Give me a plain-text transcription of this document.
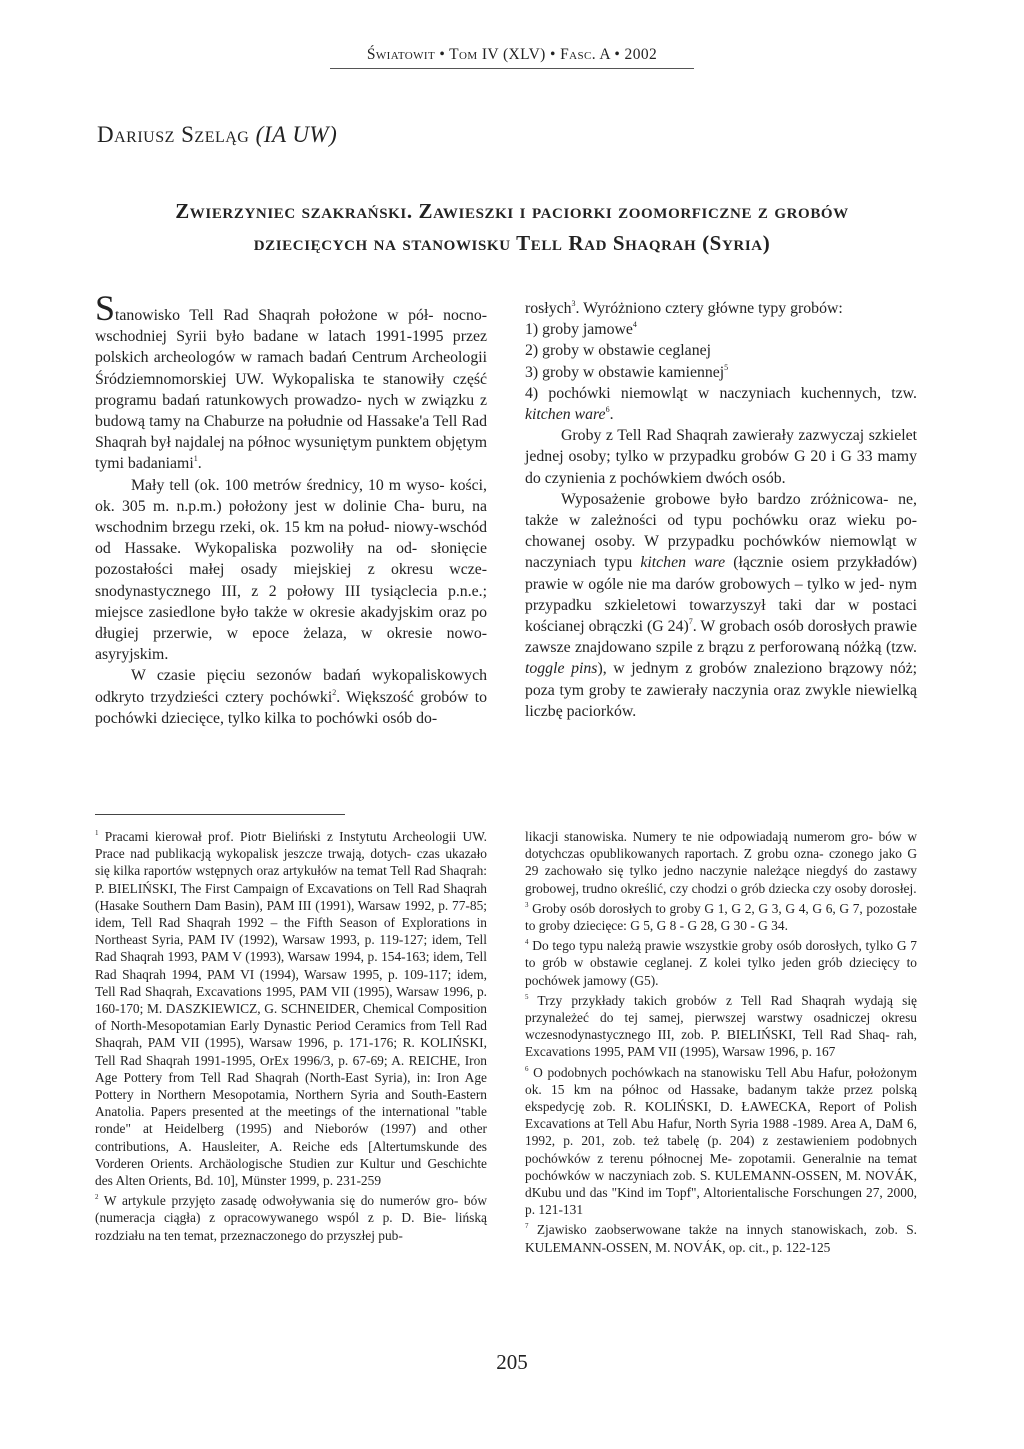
Światowit • Tom IV (XLV) • Fasc. A • 2002
Dariusz Szeląg (IA UW)
Zwierzyniec szakrański. Zawieszki i paciorki zoomorficzne z grobów
dziecięcych na stanowisku Tell Rad Shaqrah (Syria)

Stanowisko Tell Rad Shaqrah położone w pół- nocno-wschodniej Syrii było badane w latach 1991-1995 przez polskich archeologów w ramach badań Centrum Archeologii Śródziemnomorskiej UW. Wykopaliska te stanowiły część programu badań ratunkowych prowadzo- nych w związku z budową tamy na Chaburze na południe od Hassake'a Tell Rad Shaqrah był najdalej na północ wysuniętym punktem objętym tymi badaniami$^1$.

Mały tell (ok. 100 metrów średnicy, 10 m wyso- kości, ok. 305 m. n.p.m.) położony jest w dolinie Cha- buru, na wschodnim brzegu rzeki, ok. 15 km na połud- niowy-wschód od Hassake. Wykopaliska pozwoliły na od- słonięcie pozostałości małej osady miejskiej z okresu wcze- snodynastycznego III, z 2 połowy III tysiąclecia p.n.e.; miejsce zasiedlone było także w okresie akadyjskim oraz po długiej przerwie, w epoce żelaza, w okresie nowo- asyryjskim.

W czasie pięciu sezonów badań wykopaliskowych odkryto trzydzieści cztery pochówki$^2$. Większość grobów to pochówki dziecięce, tylko kilka to pochówki osób do-

rosłych$^3$. Wyróżniono cztery główne typy grobów:

1) groby jamowe$^4$
2) groby w obstawie ceglanej
3) groby w obstawie kamiennej$^5$
4) pochówki niemowląt w naczyniach kuchennych, tzw. kitchen ware$^6$.

Groby z Tell Rad Shaqrah zawierały zazwyczaj szkielet jednej osoby; tylko w przypadku grobów G 20 i G 33 mamy do czynienia z pochówkiem dwóch osób.

Wyposażenie grobowe było bardzo zróżnicowa- ne, także w zależności od typu pochówku oraz wieku po- chowanej osoby. W przypadku pochówków niemowląt w naczyniach typu kitchen ware (łącznie osiem przykładów) prawie w ogóle nie ma darów grobowych – tylko w jed- nym przypadku szkieletowi towarzyszył taki dar w postaci kościanej obrączki (G 24)$^7$. W grobach osób dorosłych prawie zawsze znajdowano szpile z brązu z perforowaną nóżką (tzw. toggle pins), w jednym z grobów znaleziono brązowy nóż; poza tym groby te zawierały naczynia oraz zwykle niewielką liczbę paciorków.

$^1$ Pracami kierował prof. Piotr Bieliński z Instytutu Archeologii UW. Prace nad publikacją wykopalisk jeszcze trwają, dotych- czas ukazało się kilka raportów wstępnych oraz artykułów na temat Tell Rad Shaqrah: P. BIELIŃSKI, The First Campaign of Excavations on Tell Rad Shaqrah (Hasake Southern Dam Basin), PAM III (1991), Warsaw 1992, p. 77-85; idem, Tell Rad Shaqrah 1992 – the Fifth Season of Explorations in Northeast Syria, PAM IV (1992), Warsaw 1993, p. 119-127; idem, Tell Rad Shaqrah 1993, PAM V (1993), Warsaw 1994, p. 154-163; idem, Tell Rad Shaqrah 1994, PAM VI (1994), Warsaw 1995, p. 109-117; idem, Tell Rad Shaqrah, Excavations 1995, PAM VII (1995), Warsaw 1996, p. 160-170; M. DASZKIEWICZ, G. SCHNEIDER, Chemical Composition of North-Mesopotamian Early Dynastic Period Ceramics from Tell Rad Shaqrah, PAM VII (1995), Warsaw 1996, p. 171-176; R. KOLIŃSKI, Tell Rad Shaqrah 1991-1995, OrEx 1996/3, p. 67-69; A. REICHE, Iron Age Pottery from Tell Rad Shaqrah (North-East Syria), in: Iron Age Pottery in Northern Mesopotamia, Northern Syria and South-Eastern Anatolia. Papers presented at the meetings of the international "table ronde" at Heidelberg (1995) and Nieborów (1997) and other contributions, A. Hausleiter, A. Reiche eds [Altertumskunde des Vorderen Orients. Archäologische Studien zur Kultur und Geschichte des Alten Orients, Bd. 10], Münster 1999, p. 231-259

$^2$ W artykule przyjęto zasadę odwoływania się do numerów gro- bów (numeracja ciągła) z opracowywanego wspól z p. D. Bie- lińską rozdziału na ten temat, przeznaczonego do przyszłej pub-

likacji stanowiska. Numery te nie odpowiadają numerom gro- bów w dotychczas opublikowanych raportach. Z grobu ozna- czonego jako G 29 zachowało się tylko jedno naczynie należące niegdyś do zastawy grobowej, trudno określić, czy chodzi o grób dziecka czy osoby dorosłej.

$^3$ Groby osób dorosłych to groby G 1, G 2, G 3, G 4, G 6, G 7, pozostałe to groby dziecięce: G 5, G 8 - G 28, G 30 - G 34.

$^4$ Do tego typu należą prawie wszystkie groby osób dorosłych, tylko G 7 to grób w obstawie ceglanej. Z kolei tylko jeden grób dziecięcy to pochówek jamowy (G5).

$^5$ Trzy przykłady takich grobów z Tell Rad Shaqrah wydają się przynależeć do tej samej, pierwszej warstwy osadniczej okresu wczesnodynastycznego III, zob. P. BIELIŃSKI, Tell Rad Shaq- rah, Excavations 1995, PAM VII (1995), Warsaw 1996, p. 167

$^6$ O podobnych pochówkach na stanowisku Tell Abu Hafur, położonym ok. 15 km na północ od Hassake, badanym także przez polską ekspedycję zob. R. KOLIŃSKI, D. ŁAWECKA, Report of Polish Excavations at Tell Abu Hafur, North Syria 1988 -1989. Area A, DaM 6, 1992, p. 201, zob. też tabelę (p. 204) z zestawieniem podobnych pochówków z terenu północnej Me- zopotamii. Generalnie na temat pochówków w naczyniach zob. S. KULEMANN-OSSEN, M. NOVÁK, dKubu und das "Kind im Topf", Altorientalische Forschungen 27, 2000, p. 121-131

$^7$ Zjawisko zaobserwowane także na innych stanowiskach, zob. S. KULEMANN-OSSEN, M. NOVÁK, op. cit., p. 122-125

205
